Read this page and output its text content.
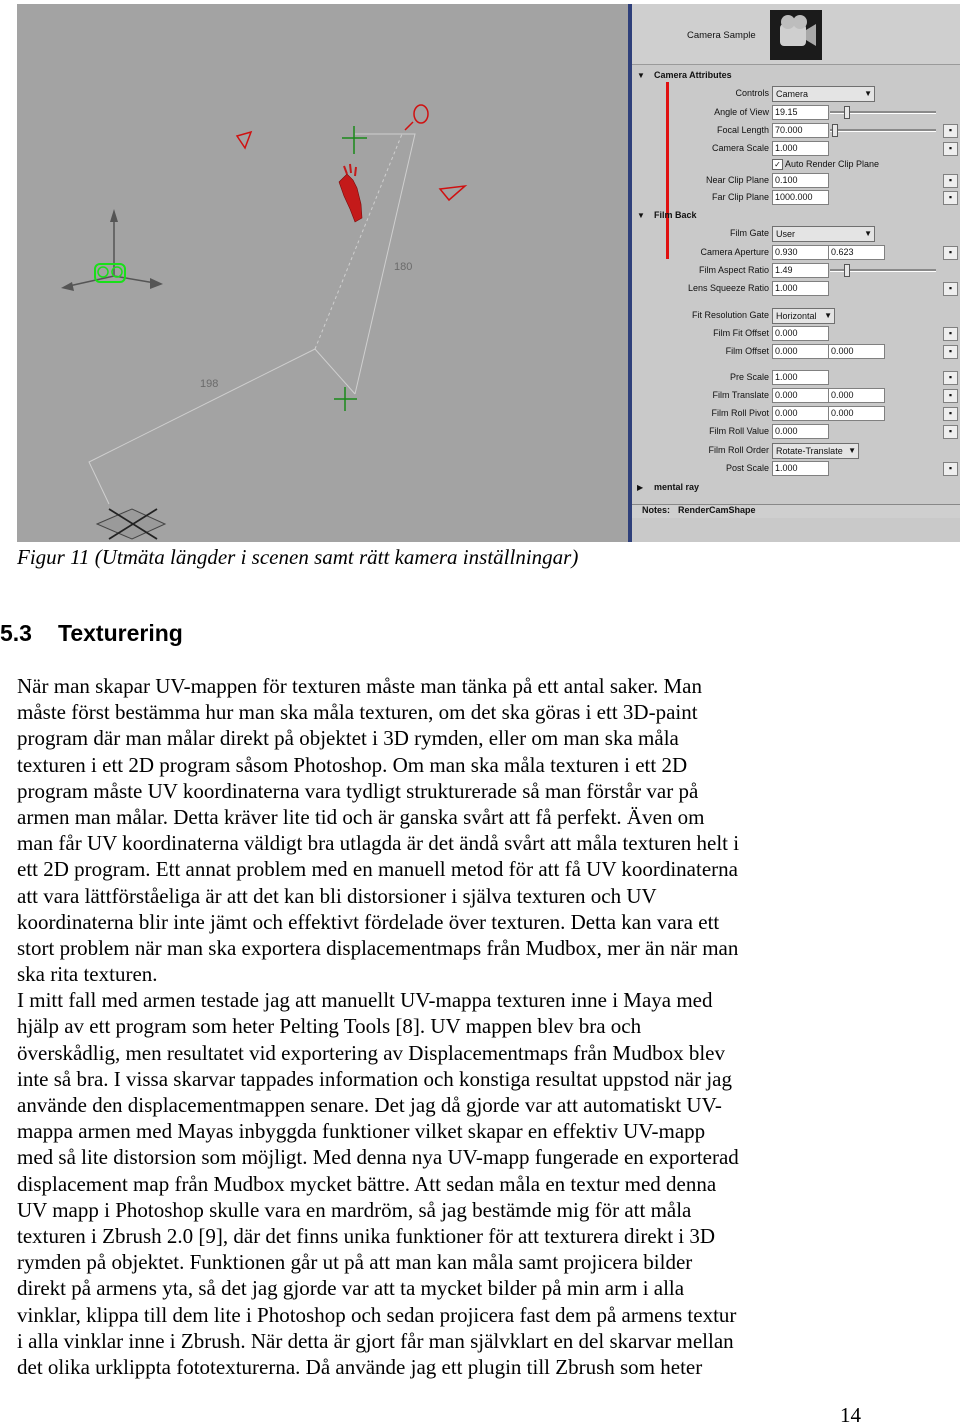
180
198
Camera Sample
▼ Camera Attributes
Controls Camera	▼
Angle of View 19.15
Focal Length 70.000	▪
Camera Scale 1.000	▪
✓ Auto Render Clip Plane
Near Clip Plane 0.100	▪
Far Clip Plane 1000.000	▪
▼ Film Back
Film Gate User	▼
Camera Aperture 0.930	0.623	▪
Film Aspect Ratio 1.49
Lens Squeeze Ratio 1.000	▪
Fit Resolution Gate Horizontal ▼
Film Fit Offset 0.000	▪
Film Offset 0.000	0.000	▪
Pre Scale 1.000	▪
Film Translate 0.000	0.000	▪
Film Roll Pivot 0.000	0.000	▪
Film Roll Value 0.000	▪
Film Roll Order Rotate-Translate ▼
Post Scale 1.000	▪
▶ mental ray
Notes: RenderCamShape
Figur 11 (Utmäta längder i scenen samt rätt kamera inställningar)
5.3 Texturering
När man skapar UV-mappen för texturen måste man tänka på ett antal saker. Man
måste först bestämma hur man ska måla texturen, om det ska göras i ett 3D-paint
program där man målar direkt på objektet i 3D rymden, eller om man ska måla
texturen i ett 2D program såsom Photoshop. Om man ska måla texturen i ett 2D
program måste UV koordinaterna vara tydligt strukturerade så man förstår var på
armen man målar. Detta kräver lite tid och är ganska svårt att få perfekt. Även om
man får UV koordinaterna väldigt bra utlagda är det ändå svårt att måla texturen helt i
ett 2D program. Ett annat problem med en manuell metod för att få UV koordinaterna
att vara lättförståeliga är att det kan bli distorsioner i själva texturen och UV
koordinaterna blir inte jämt och effektivt fördelade över texturen. Detta kan vara ett
stort problem när man ska exportera displacementmaps från Mudbox, mer än när man
ska rita texturen.
I mitt fall med armen testade jag att manuellt UV-mappa texturen inne i Maya med
hjälp av ett program som heter Pelting Tools [8]. UV mappen blev bra och
överskådlig, men resultatet vid exportering av Displacementmaps från Mudbox blev
inte så bra. I vissa skarvar tappades information och konstiga resultat uppstod när jag
använde den displacementmappen senare. Det jag då gjorde var att automatiskt UV-
mappa armen med Mayas inbyggda funktioner vilket skapar en effektiv UV-mapp
med så lite distorsion som möjligt. Med denna nya UV-mapp fungerade en exporterad
displacement map från Mudbox mycket bättre. Att sedan måla en textur med denna
UV mapp i Photoshop skulle vara en mardröm, så jag bestämde mig för att måla
texturen i Zbrush 2.0 [9], där det finns unika funktioner för att texturera direkt i 3D
rymden på objektet. Funktionen går ut på att man kan måla samt projicera bilder
direkt på armens yta, så det jag gjorde var att ta mycket bilder på min arm i alla
vinklar, klippa till dem lite i Photoshop och sedan projicera fast dem på armens textur
i alla vinklar inne i Zbrush. När detta är gjort får man självklart en del skarvar mellan
det olika urklippta fototexturerna. Då använde jag ett plugin till Zbrush som heter
14
